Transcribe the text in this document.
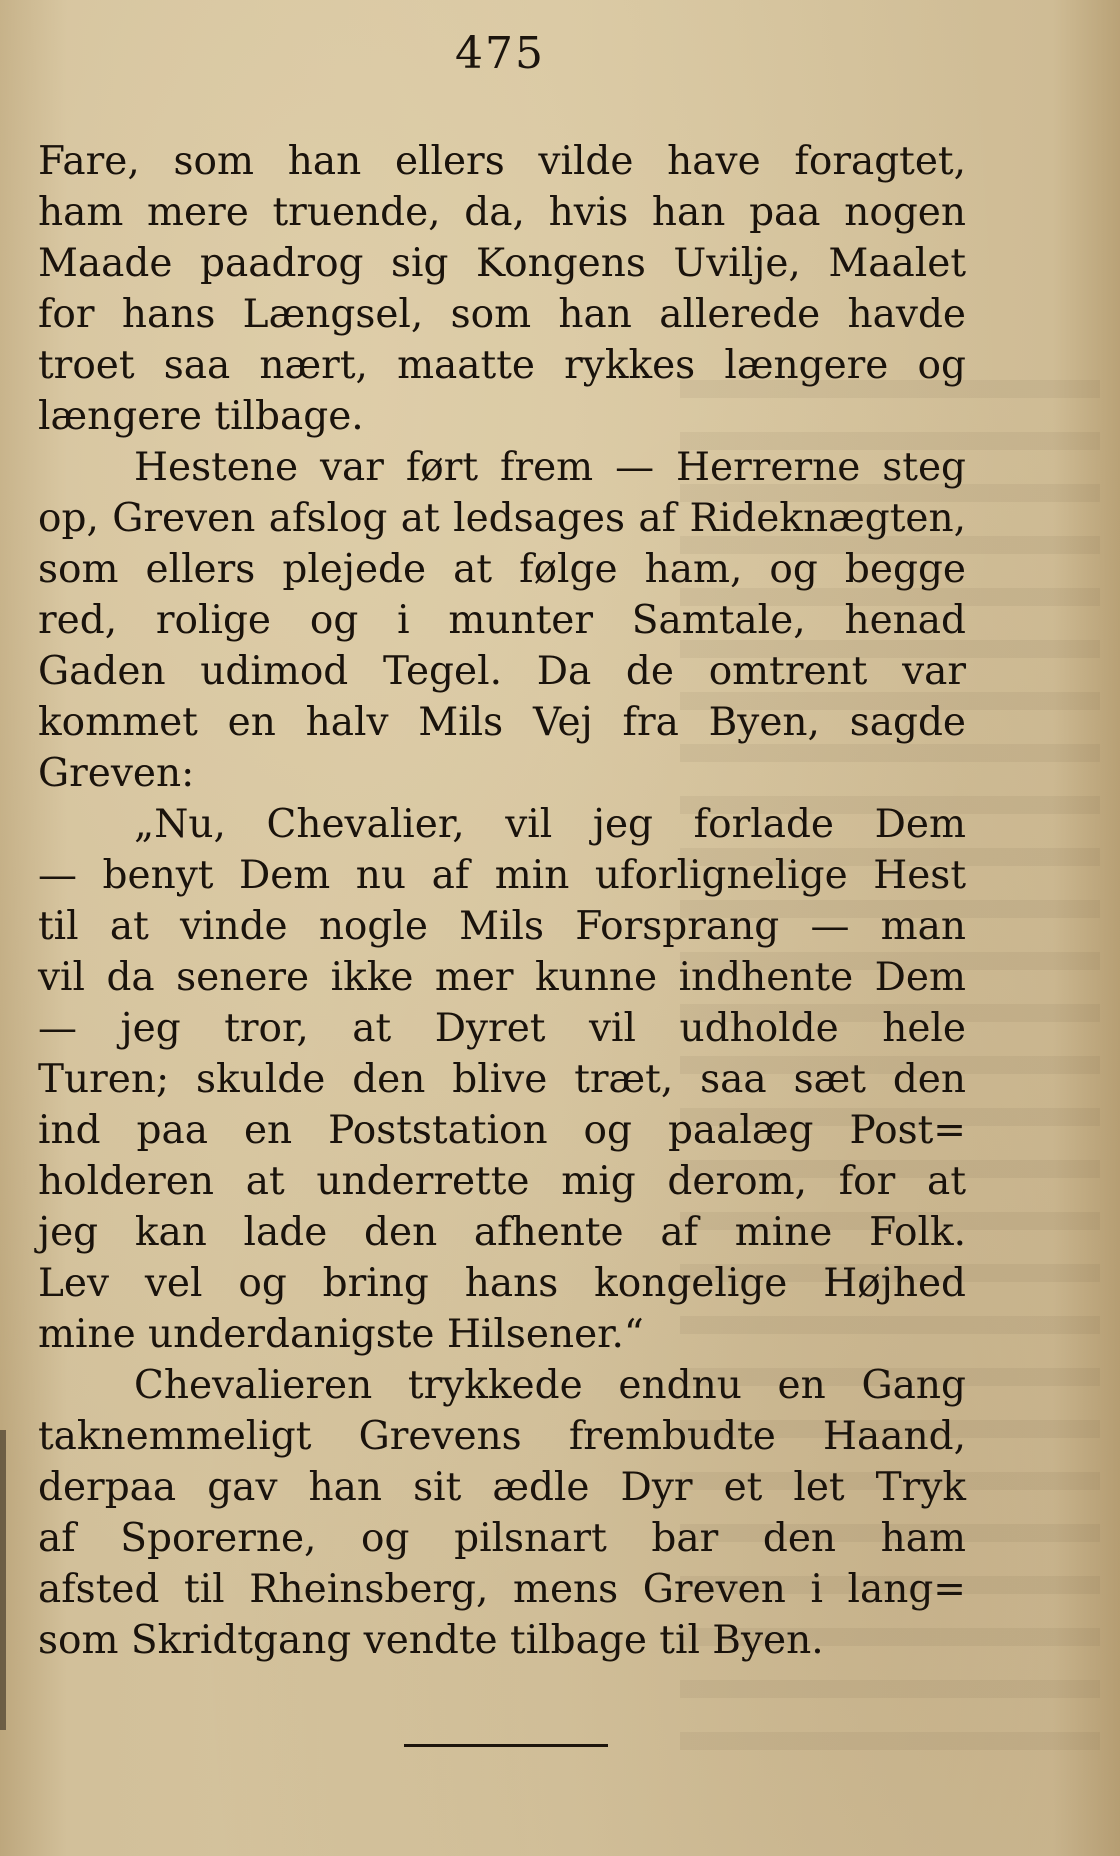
475
Fare, som han ellers vilde have foragtet,
ham mere truende, da, hvis han paa nogen
Maade paadrog sig Kongens Uvilje, Maalet
for hans Længsel, som han allerede havde
troet saa nært, maatte rykkes længere og
længere tilbage.
Hestene var ført frem — Herrerne steg
op, Greven afslog at ledsages af Rideknægten,
som ellers plejede at følge ham, og begge
red, rolige og i munter Samtale, henad
Gaden udimod Tegel. Da de omtrent var
kommet en halv Mils Vej fra Byen, sagde
Greven:
„Nu, Chevalier, vil jeg forlade Dem
— benyt Dem nu af min uforlignelige Hest
til at vinde nogle Mils Forsprang — man
vil da senere ikke mer kunne indhente Dem
— jeg tror, at Dyret vil udholde hele
Turen; skulde den blive træt, saa sæt den
ind paa en Poststation og paalæg Post=
holderen at underrette mig derom, for at
jeg kan lade den afhente af mine Folk.
Lev vel og bring hans kongelige Højhed
mine underdanigste Hilsener.“
Chevalieren trykkede endnu en Gang
taknemmeligt Grevens frembudte Haand,
derpaa gav han sit ædle Dyr et let Tryk
af Sporerne, og pilsnart bar den ham
afsted til Rheinsberg, mens Greven i lang=
som Skridtgang vendte tilbage til Byen.
